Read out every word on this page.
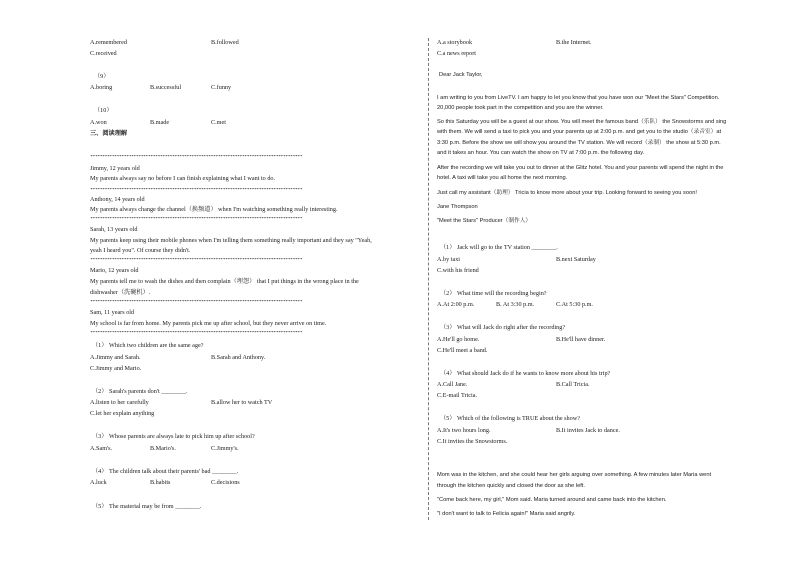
A.remembered	B.followed
C.received
（9）
A.boring	B.successful	C.funny
（10）
A.won	B.made	C.met
三、阅读理解
****************************************************************************************
Jimmy, 12 years old
My parents always say no before I can finish explaining what I want to do.
****************************************************************************************
Anthony, 14 years old
My parents always change the channel（换频道） when I'm watching something really interesting.
****************************************************************************************
Sarah, 13 years old
My parents keep using their mobile phones when I'm telling them something really important and they say "Yeah,
yeah I heard you". Of course they didn't.
****************************************************************************************
Mario, 12 years old
My parents tell me to wash the dishes and then complain（埋怨） that I put things in the wrong place in the
dishwasher（洗碗机）.
****************************************************************************************
Sam, 11 years old
My school is far from home. My parents pick me up after school, but they never arrive on time.
****************************************************************************************
（1） Which two children are the same age?
A.Jimmy and Sarah.	B.Sarah and Anthony.
C.Jimmy and Mario.
（2） Sarah's parents don't ________.
A.listen to her carefully	B.allow her to watch TV
C.let her explain anything
（3） Whose parents are always late to pick him up after school?
A.Sam's.	B.Mario's.	C.Jimmy's.
（4） The children talk about their parents' bad ________.
A.luck	B.habits	C.decisions
（5） The material may be from ________.
A.a storybook	B.the Internet.
C.a news report
Dear Jack Taylor,
I am writing to you from LiveTV. I am happy to let you know that you have won our "Meet the Stars" Competition.
20,000 people took part in the competition and you are the winner.
So this Saturday you will be a guest at our show. You will meet the famous band（乐队） the Snowstorms and sing
with them. We will send a taxi to pick you and your parents up at 2:00 p.m. and get you to the studio（录音室）at
3:30 p.m. Before the show we will show you around the TV station. We will record（录制） the show at 5:30 p.m.
and it takes an hour. You can watch the show on TV at 7:00 p.m. the following day.
After the recording we will take you out to dinner at the Glitz hotel. You and your parents will spend the night in the
hotel. A taxi will take you all home the next morning.
Just call my assistant（助理） Tricia to know more about your trip. Looking forward to seeing you soon!
Jane Thompson
"Meet the Stars" Producer（制作人）
（1） Jack will go to the TV station ________.
A.by taxi	B.next Saturday
C.with his friend
（2） What time will the recording begin?
A.At 2:00 p.m.	B. At 3:30 p.m.	C.At 5:30 p.m.
（3） What will Jack do right after the recording?
A.He'll go home.	B.He'll have dinner.
C.He'll meet a band.
（4） What should Jack do if he wants to know more about his trip?
A.Call Jane.	B.Call Tricia.
C.E-mail Tricia.
（5） Which of the following is TRUE about the show?
A.It's two hours long.	B.It invites Jack to dance.
C.It invites the Snowstorms.
Mom was in the kitchen, and she could hear her girls arguing over something. A few minutes later Maria went
through the kitchen quickly and closed the door as she left.
"Come back here, my girl," Mom said. Maria turned around and came back into the kitchen.
"I don't want to talk to Felicia again!" Maria said angrily.
